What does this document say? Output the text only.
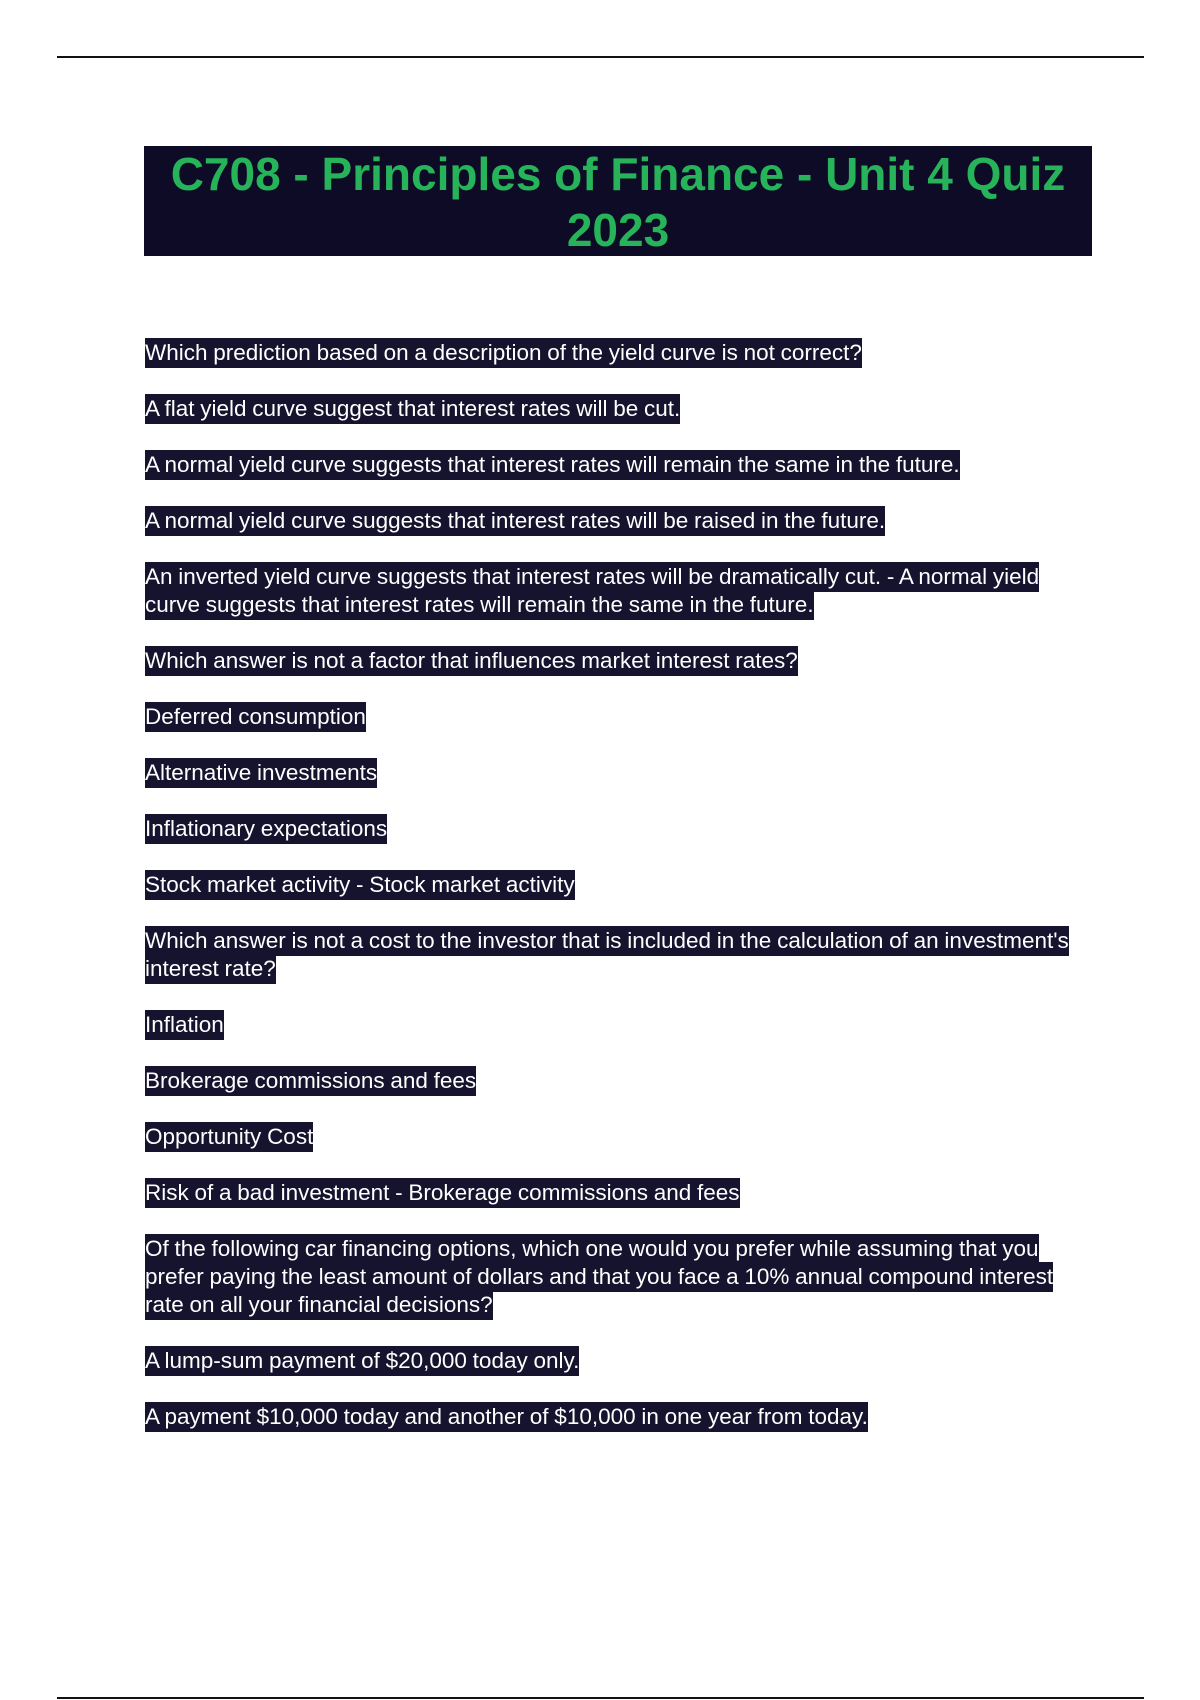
C708 - Principles of Finance - Unit 4 Quiz
2023

Which prediction based on a description of the yield curve is not correct?

A flat yield curve suggest that interest rates will be cut.

A normal yield curve suggests that interest rates will remain the same in the future.

A normal yield curve suggests that interest rates will be raised in the future.

An inverted yield curve suggests that interest rates will be dramatically cut. - A normal yield curve suggests that interest rates will remain the same in the future.

Which answer is not a factor that influences market interest rates?

Deferred consumption

Alternative investments

Inflationary expectations

Stock market activity - Stock market activity

Which answer is not a cost to the investor that is included in the calculation of an investment's interest rate?

Inflation

Brokerage commissions and fees

Opportunity Cost

Risk of a bad investment - Brokerage commissions and fees

Of the following car financing options, which one would you prefer while assuming that you prefer paying the least amount of dollars and that you face a 10% annual compound interest rate on all your financial decisions?

A lump-sum payment of $20,000 today only.

A payment $10,000 today and another of $10,000 in one year from today.
